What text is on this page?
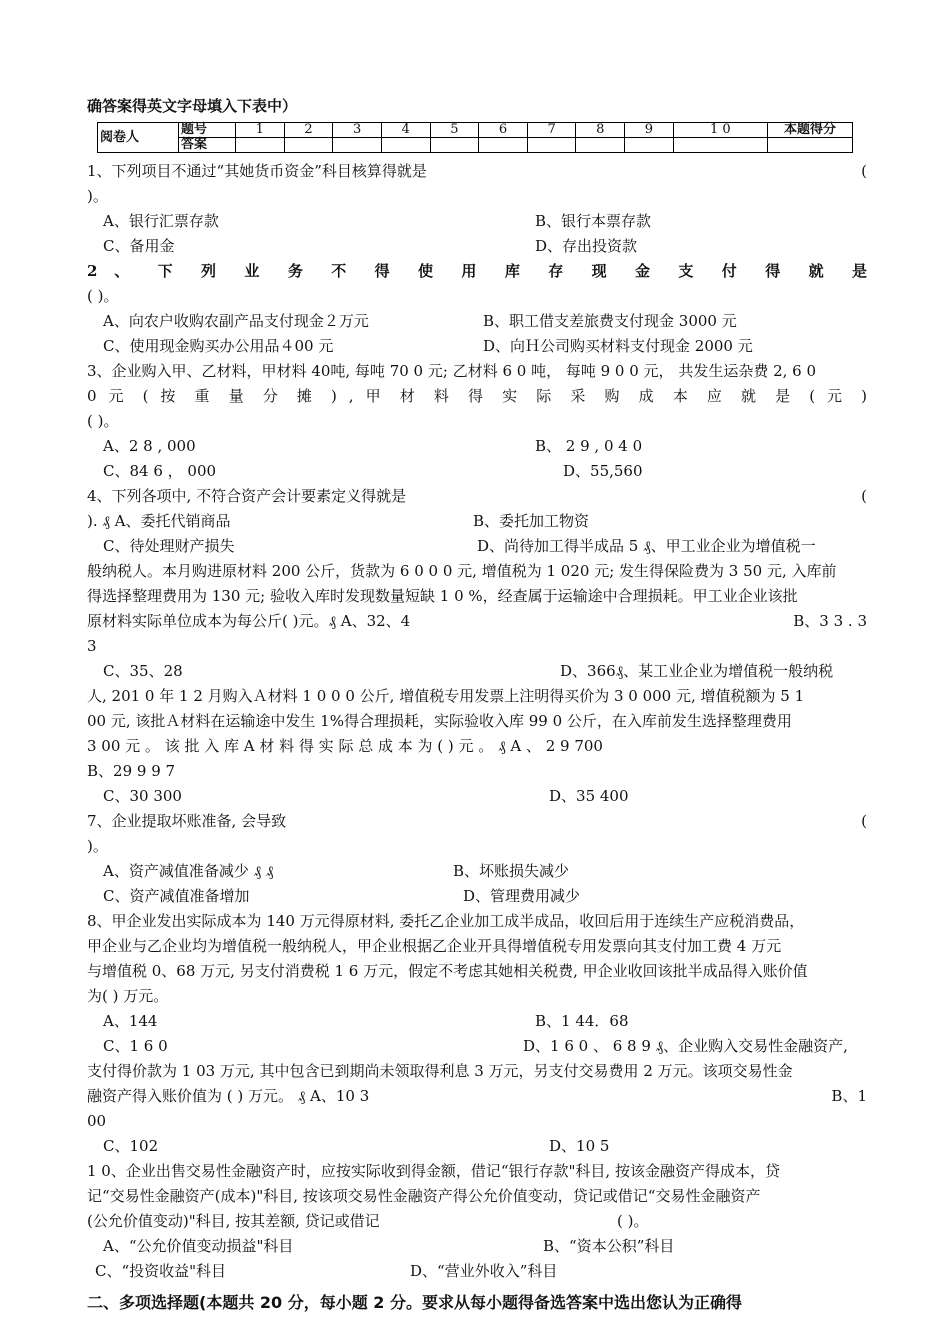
确答案得英文字母填入下表中）
阅卷人	题号	1	2	3	4	5	6	7	8	9	1 0	本题得分
	答案											
1、下列项目不通过“其她货币资金”科目核算得就是	(
)。
A、银行汇票存款	B、银行本票存款
C、备用金	D、存出投资款
2 、 下 列 业 务 不 得 使 用 库 存 现 金 支 付 得 就 是
( )。
A、向农户收购农副产品支付现金２万元	B、职工借支差旅费支付现金 3000 元
C、使用现金购买办公用品４00 元	D、向Ｈ公司购买材料支付现金 2000 元
3、企业购入甲、乙材料，甲材料 40吨, 每吨 70 0 元; 乙材料 6 0 吨， 每吨 9 0 0 元， 共发生运杂费 2, 6 0
0 元 ( 按 重 量 分 摊 ) , 甲 材 料 得 实 际 采 购 成 本 应 就 是 ( 元 )
( )。
A、2 8 , 000	B、 2 9 , 0 4 0
C、84 6 ， 000	D、55,560
4、下列各项中, 不符合资产会计要素定义得就是	(
). ₰ A、委托代销商品	B、委托加工物资
C、待处理财产损失	D、尚待加工得半成品 5 ₰、甲工业企业为增值税一
般纳税人。本月购进原材料 200 公斤，货款为 6 0 0 0 元, 增值税为 1 020 元; 发生得保险费为 3 50 元, 入库前
得选择整理费用为 130 元; 验收入库时发现数量短缺 1 0 %，经查属于运输途中合理损耗。甲工业企业该批
原材料实际单位成本为每公斤( )元。₰ A、32、4	B、3 3 . 3
3
C、35、28	D、366₰、某工业企业为增值税一般纳税
人, 201 0 年 1 2 月购入Ａ材料 1 0 0 0 公斤, 增值税专用发票上注明得买价为 3 0 000 元, 增值税额为 5 1
00 元, 该批Ａ材料在运输途中发生 1%得合理损耗，实际验收入库 99 0 公斤，在入库前发生选择整理费用
3 00 元 。 该 批 入 库 A 材 料 得 实 际 总 成 本 为 ( ) 元 。 ₰ A 、 2 9 700
B、29 9 9 7
C、30 300	D、35 400
7、企业提取坏账准备, 会导致	(
)。
A、资产减值准备减少 ₰ ₰	B、坏账损失减少
C、资产减值准备增加	D、管理费用减少
8、甲企业发出实际成本为 140 万元得原材料, 委托乙企业加工成半成品，收回后用于连续生产应税消费品，
甲企业与乙企业均为增值税一般纳税人，甲企业根据乙企业开具得增值税专用发票向其支付加工费 4 万元
与增值税 0、68 万元, 另支付消费税 1 6 万元，假定不考虑其她相关税费, 甲企业收回该批半成品得入账价值
为( ) 万元。
A、144	B、1 44．68
C、1 6 0	D、1 6 0 、 6 8 9 ₰、企业购入交易性金融资产,
支付得价款为 1 03 万元, 其中包含已到期尚未领取得利息 3 万元，另支付交易费用 2 万元。该项交易性金
融资产得入账价值为 ( ) 万元。 ₰ A、10 3	B、1
00
C、102	D、10 5
1 0、企业出售交易性金融资产时，应按实际收到得金额，借记“银行存款"科目, 按该金融资产得成本，贷
记“交易性金融资产(成本)"科目, 按该项交易性金融资产得公允价值变动，贷记或借记“交易性金融资产
(公允价值变动)"科目, 按其差额, 贷记或借记	( )。
A、“公允价值变动损益"科目	B、“资本公积”科目
C、“投资收益"科目	D、“营业外收入”科目
二、多项选择题(本题共 20 分，每小题 2 分。要求从每小题得备选答案中选出您认为正确得
